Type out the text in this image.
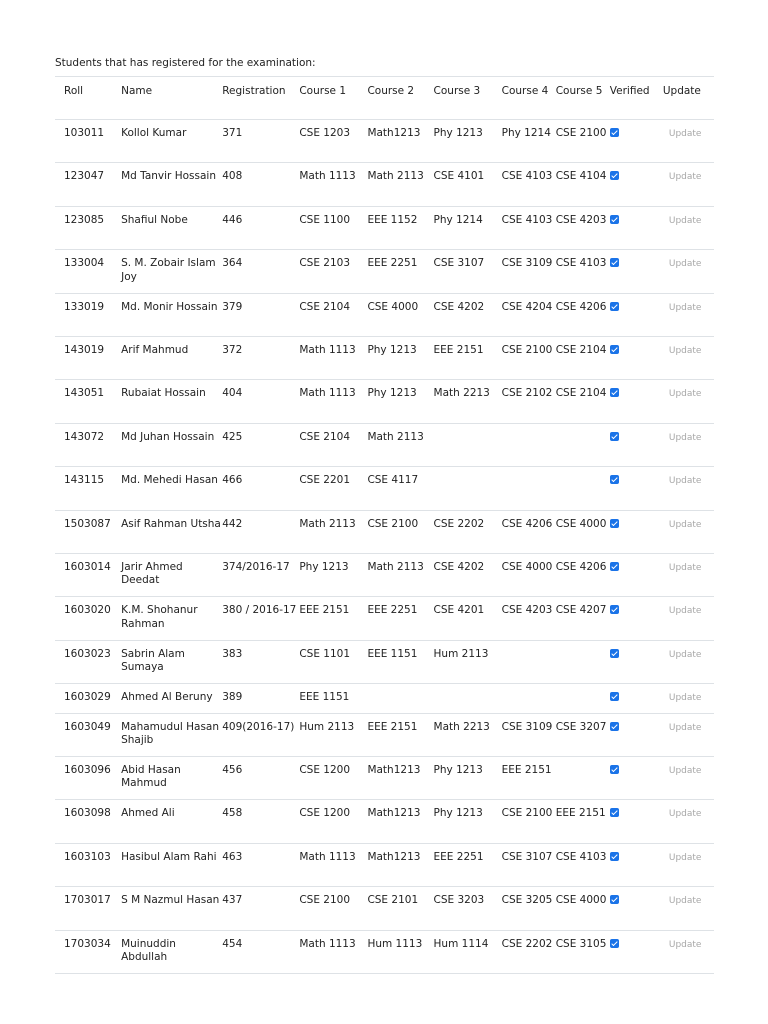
Students that has registered for the examination:
Roll	Name	Registration	Course 1	Course 2	Course 3	Course 4	Course 5	Verified	Update
103011	Kollol Kumar	371	CSE 1203	Math1213	Phy 1213	Phy 1214	CSE 2100		Update
123047	Md Tanvir Hossain	408	Math 1113	Math 2113	CSE 4101	CSE 4103	CSE 4104		Update
123085	Shafiul Nobe	446	CSE 1100	EEE 1152	Phy 1214	CSE 4103	CSE 4203		Update
133004	S. M. Zobair Islam Joy	364	CSE 2103	EEE 2251	CSE 3107	CSE 3109	CSE 4103		Update
133019	Md. Monir Hossain	379	CSE 2104	CSE 4000	CSE 4202	CSE 4204	CSE 4206		Update
143019	Arif Mahmud	372	Math 1113	Phy 1213	EEE 2151	CSE 2100	CSE 2104		Update
143051	Rubaiat Hossain	404	Math 1113	Phy 1213	Math 2213	CSE 2102	CSE 2104		Update
143072	Md Juhan Hossain	425	CSE 2104	Math 2113					Update
143115	Md. Mehedi Hasan	466	CSE 2201	CSE 4117					Update
1503087	Asif Rahman Utsha	442	Math 2113	CSE 2100	CSE 2202	CSE 4206	CSE 4000		Update
1603014	Jarir Ahmed Deedat	374/2016-17	Phy 1213	Math 2113	CSE 4202	CSE 4000	CSE 4206		Update
1603020	K.M. Shohanur Rahman	380 / 2016-17	EEE 2151	EEE 2251	CSE 4201	CSE 4203	CSE 4207		Update
1603023	Sabrin Alam Sumaya	383	CSE 1101	EEE 1151	Hum 2113				Update
1603029	Ahmed Al Beruny	389	EEE 1151						Update
1603049	Mahamudul Hasan Shajib	409(2016-17)	Hum 2113	EEE 2151	Math 2213	CSE 3109	CSE 3207		Update
1603096	Abid Hasan Mahmud	456	CSE 1200	Math1213	Phy 1213	EEE 2151			Update
1603098	Ahmed Ali	458	CSE 1200	Math1213	Phy 1213	CSE 2100	EEE 2151		Update
1603103	Hasibul Alam Rahi	463	Math 1113	Math1213	EEE 2251	CSE 3107	CSE 4103		Update
1703017	S M Nazmul Hasan	437	CSE 2100	CSE 2101	CSE 3203	CSE 3205	CSE 4000		Update
1703034	Muinuddin Abdullah	454	Math 1113	Hum 1113	Hum 1114	CSE 2202	CSE 3105		Update
